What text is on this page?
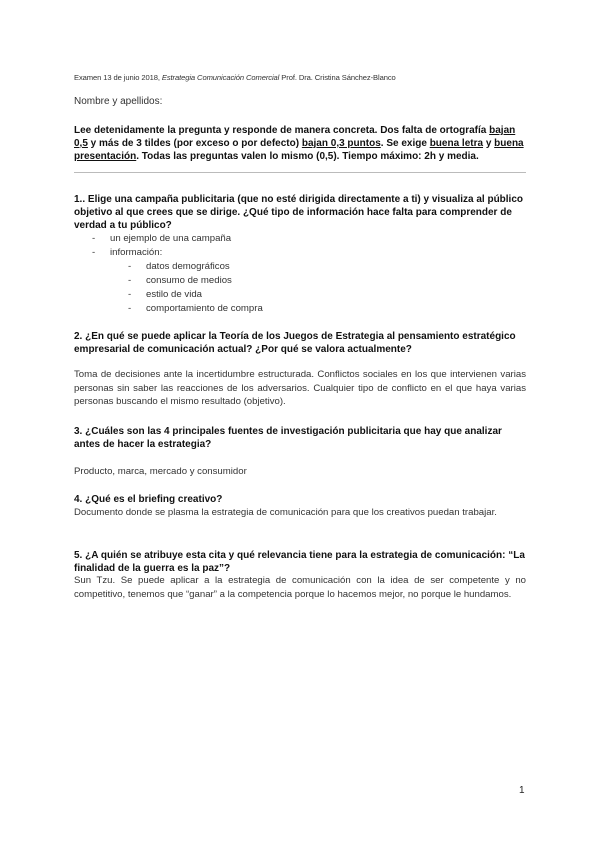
Examen 13 de junio 2018, Estrategia Comunicación Comercial Prof. Dra. Cristina Sánchez-Blanco
Nombre y apellidos:
Lee detenidamente la pregunta y responde de manera concreta. Dos falta de ortografía bajan 0,5 y más de 3 tildes (por exceso o por defecto) bajan 0,3 puntos. Se exige buena letra y buena presentación. Todas las preguntas valen lo mismo (0,5). Tiempo máximo: 2h y media.
1.. Elige una campaña publicitaria (que no esté dirigida directamente a ti) y visualiza al público objetivo al que crees que se dirige. ¿Qué tipo de información hace falta para comprender de verdad a tu público?
- un ejemplo de una campaña
- información:
- datos demográficos
- consumo de medios
- estilo de vida
- comportamiento de compra
2. ¿En qué se puede aplicar la Teoría de los Juegos de Estrategia al pensamiento estratégico empresarial de comunicación actual? ¿Por qué se valora actualmente?
Toma de decisiones ante la incertidumbre estructurada. Conflictos sociales en los que intervienen varias personas sin saber las reacciones de los adversarios. Cualquier tipo de conflicto en el que haya varias personas buscando el mismo resultado (objetivo).
3. ¿Cuáles son las 4 principales fuentes de investigación publicitaria que hay que analizar antes de hacer la estrategia?
Producto, marca, mercado y consumidor
4. ¿Qué es el briefing creativo?
Documento donde se plasma la estrategia de comunicación para que los creativos puedan trabajar.
5. ¿A quién se atribuye esta cita y qué relevancia tiene para la estrategia de comunicación: “La finalidad de la guerra es la paz”?
Sun Tzu. Se puede aplicar a la estrategia de comunicación con la idea de ser competente y no competitivo, tenemos que “ganar” a la competencia porque lo hacemos mejor, no porque le hundamos.
1
